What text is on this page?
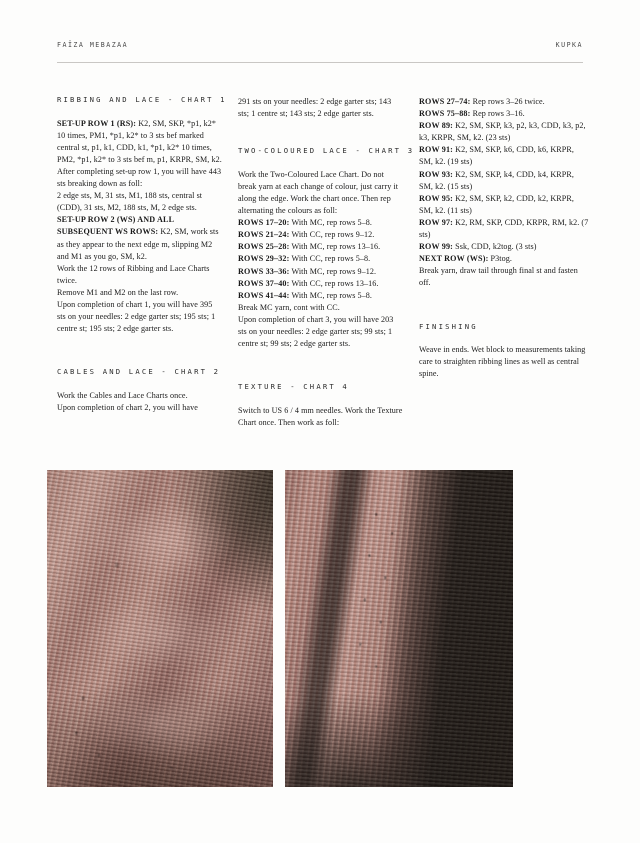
FAÏZA MEBAZAA	KUPKA
RIBBING AND LACE - CHART 1

SET-UP ROW 1 (RS): K2, SM, SKP, *p1, k2* 10 times, PM1, *p1, k2* to 3 sts bef marked central st, p1, k1, CDD, k1, *p1, k2* 10 times, PM2, *p1, k2* to 3 sts bef m, p1, KRPR, SM, k2.

After completing set-up row 1, you will have 443 sts breaking down as foll:

2 edge sts, M, 31 sts, M1, 188 sts, central st (CDD), 31 sts, M2, 188 sts, M, 2 edge sts.

SET-UP ROW 2 (WS) AND ALL SUBSEQUENT WS ROWS: K2, SM, work sts as they appear to the next edge m, slipping M2 and M1 as you go, SM, k2.

Work the 12 rows of Ribbing and Lace Charts twice.

Remove M1 and M2 on the last row.

Upon completion of chart 1, you will have 395 sts on your needles: 2 edge garter sts; 195 sts; 1 centre st; 195 sts; 2 edge garter sts.

CABLES AND LACE - CHART 2

Work the Cables and Lace Charts once.

Upon completion of chart 2, you will have

291 sts on your needles: 2 edge garter sts; 143 sts; 1 centre st; 143 sts; 2 edge garter sts.

TWO-COLOURED LACE - CHART 3

Work the Two-Coloured Lace Chart. Do not break yarn at each change of colour, just carry it along the edge. Work the chart once. Then rep alternating the colours as foll:

ROWS 17–20: With MC, rep rows 5–8.

ROWS 21–24: With CC, rep rows 9–12.

ROWS 25–28: With MC, rep rows 13–16.

ROWS 29–32: With CC, rep rows 5–8.

ROWS 33–36: With MC, rep rows 9–12.

ROWS 37–40: With CC, rep rows 13–16.

ROWS 41–44: With MC, rep rows 5–8.

Break MC yarn, cont with CC.

Upon completion of chart 3, you will have 203 sts on your needles: 2 edge garter sts; 99 sts; 1 centre st; 99 sts; 2 edge garter sts.

TEXTURE - CHART 4

Switch to US 6 / 4 mm needles. Work the Texture Chart once. Then work as foll:

ROWS 27–74: Rep rows 3–26 twice.

ROWS 75–88: Rep rows 3–16.

ROW 89: K2, SM, SKP, k3, p2, k3, CDD, k3, p2, k3, KRPR, SM, k2. (23 sts)

ROW 91: K2, SM, SKP, k6, CDD, k6, KRPR, SM, k2. (19 sts)

ROW 93: K2, SM, SKP, k4, CDD, k4, KRPR, SM, k2. (15 sts)

ROW 95: K2, SM, SKP, k2, CDD, k2, KRPR, SM, k2. (11 sts)

ROW 97: K2, RM, SKP, CDD, KRPR, RM, k2. (7 sts)

ROW 99: Ssk, CDD, k2tog. (3 sts)

NEXT ROW (WS): P3tog.

Break yarn, draw tail through final st and fasten off.

FINISHING

Weave in ends. Wet block to measurements taking care to straighten ribbing lines as well as central spine.
